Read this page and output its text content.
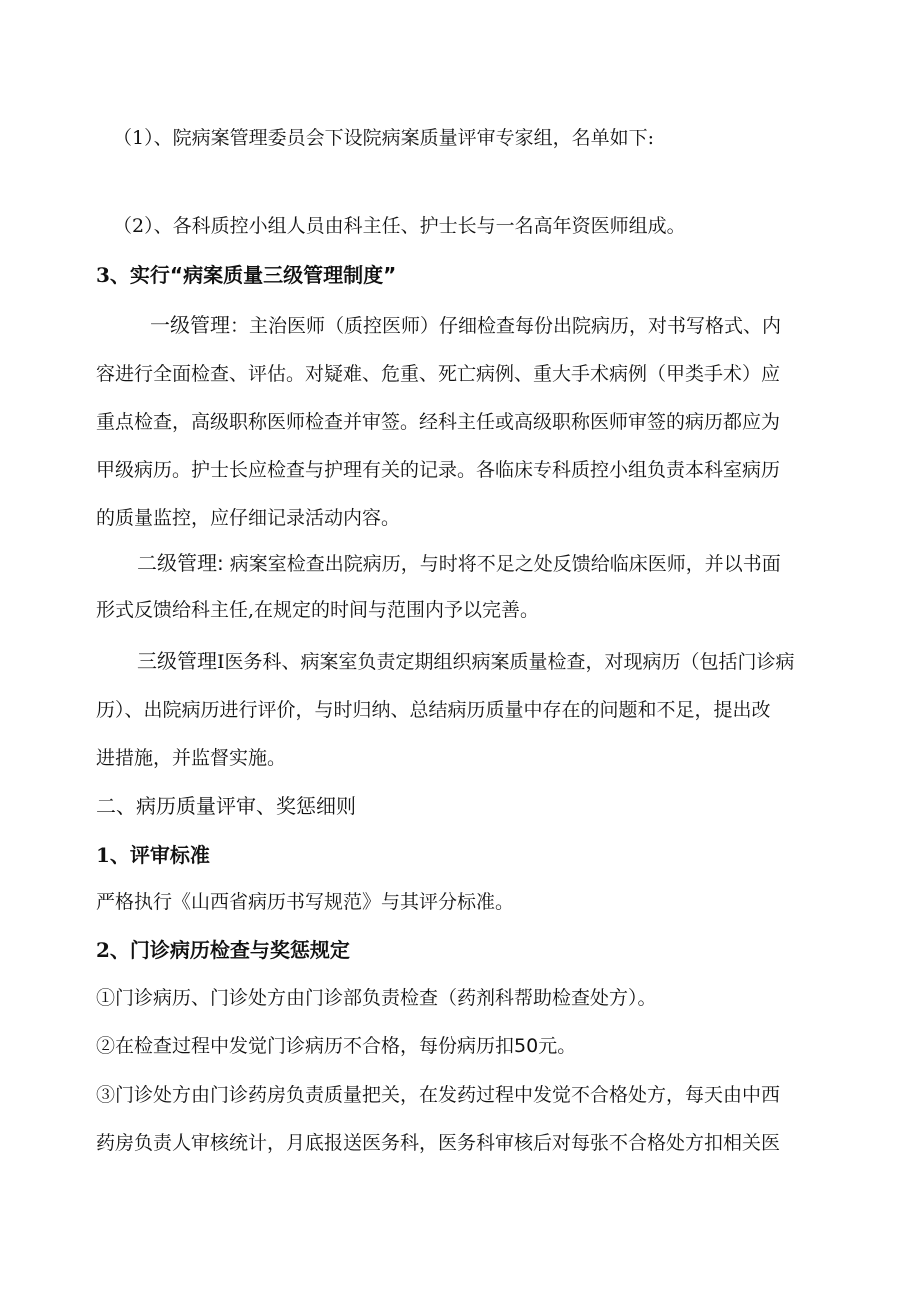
（1）、院病案管理委员会下设院病案质量评审专家组，名单如下:

（2）、各科质控小组人员由科主任、护士长与一名高年资医师组成。

3、实行“病案质量三级管理制度”

一级管理：主治医师（质控医师）仔细检查每份出院病历，对书写格式、内

容进行全面检查、评估。对疑难、危重、死亡病例、重大手术病例（甲类手术）应

重点检查，高级职称医师检查并审签。经科主任或高级职称医师审签的病历都应为

甲级病历。护士长应检查与护理有关的记录。各临床专科质控小组负责本科室病历

的质量监控，应仔细记录活动内容。

二级管理: 病案室检查出院病历，与时将不足之处反馈给临床医师，并以书面

形式反馈给科主任,在规定的时间与范围内予以完善。

三级管理I医务科、病案室负责定期组织病案质量检查，对现病历（包括门诊病

历）、出院病历进行评价，与时归纳、总结病历质量中存在的问题和不足，提出改

进措施，并监督实施。

二、病历质量评审、奖惩细则

1、评审标准

严格执行《山西省病历书写规范》与其评分标准。

2、门诊病历检查与奖惩规定

①门诊病历、门诊处方由门诊部负责检查（药剂科帮助检查处方）。

②在检查过程中发觉门诊病历不合格，每份病历扣50元。

③门诊处方由门诊药房负责质量把关，在发药过程中发觉不合格处方，每天由中西

药房负责人审核统计，月底报送医务科，医务科审核后对每张不合格处方扣相关医
